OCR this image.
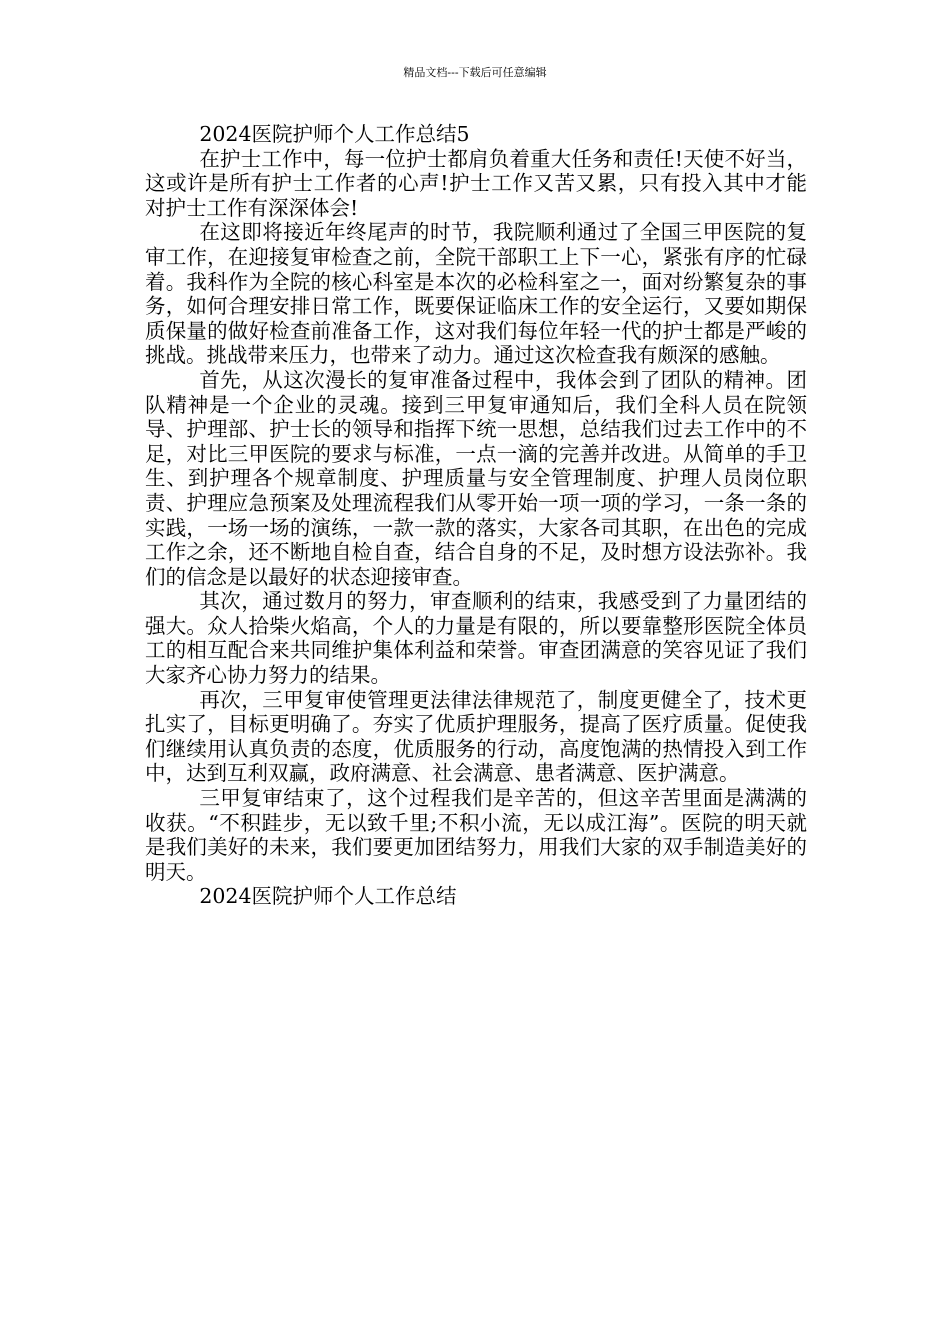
精品文档---下载后可任意编辑

2024医院护师个人工作总结5

在护士工作中，每一位护士都肩负着重大任务和责任!天使不好当，这或许是所有护士工作者的心声!护士工作又苦又累，只有投入其中才能对护士工作有深深体会!

在这即将接近年终尾声的时节，我院顺利通过了全国三甲医院的复审工作，在迎接复审检查之前，全院干部职工上下一心，紧张有序的忙碌着。我科作为全院的核心科室是本次的必检科室之一，面对纷繁复杂的事务，如何合理安排日常工作，既要保证临床工作的安全运行，又要如期保质保量的做好检查前准备工作，这对我们每位年轻一代的护士都是严峻的挑战。挑战带来压力，也带来了动力。通过这次检查我有颇深的感触。

首先，从这次漫长的复审准备过程中，我体会到了团队的精神。团队精神是一个企业的灵魂。接到三甲复审通知后，我们全科人员在院领导、护理部、护士长的领导和指挥下统一思想，总结我们过去工作中的不足，对比三甲医院的要求与标准，一点一滴的完善并改进。从简单的手卫生、到护理各个规章制度、护理质量与安全管理制度、护理人员岗位职责、护理应急预案及处理流程我们从零开始一项一项的学习，一条一条的实践，一场一场的演练，一款一款的落实，大家各司其职，在出色的完成工作之余，还不断地自检自查，结合自身的不足，及时想方设法弥补。我们的信念是以最好的状态迎接审查。

其次，通过数月的努力，审查顺利的结束，我感受到了力量团结的强大。众人拾柴火焰高，个人的力量是有限的，所以要靠整形医院全体员工的相互配合来共同维护集体利益和荣誉。审查团满意的笑容见证了我们大家齐心协力努力的结果。

再次，三甲复审使管理更法律法律规范了，制度更健全了，技术更扎实了，目标更明确了。夯实了优质护理服务，提高了医疗质量。促使我们继续用认真负责的态度，优质服务的行动，高度饱满的热情投入到工作中，达到互利双赢，政府满意、社会满意、患者满意、医护满意。

三甲复审结束了，这个过程我们是辛苦的，但这辛苦里面是满满的收获。“不积跬步，无以致千里;不积小流，无以成江海”。医院的明天就是我们美好的未来，我们要更加团结努力，用我们大家的双手制造美好的明天。

2024医院护师个人工作总结
